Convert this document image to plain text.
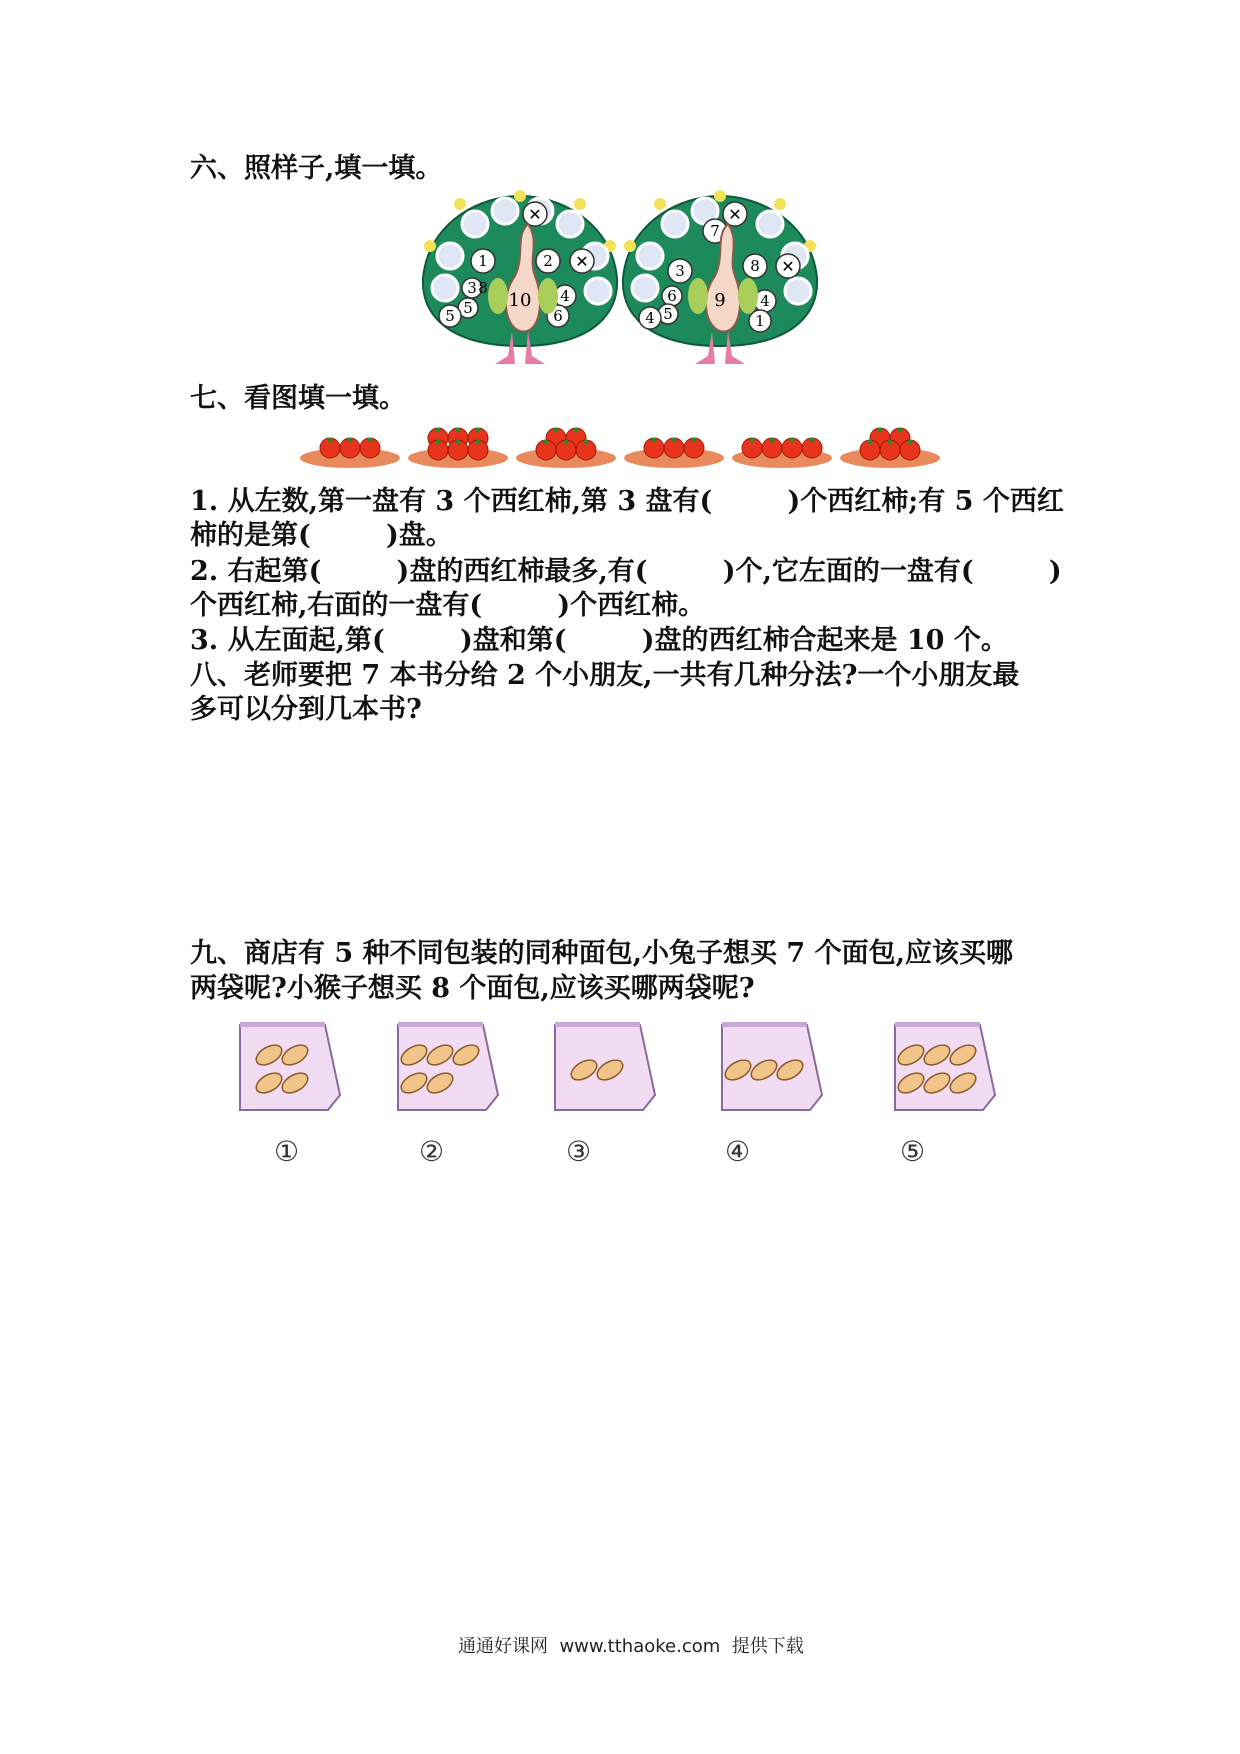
六、照样子,填一填。
✕
✕
10
1	2
8
3
5
5
4
6
✕
✕
9
7
8
3
6
5
4
4
1
七、看图填一填。
1. 从左数,第一盘有 3 个西红柿,第 3 盘有(        )个西红柿;有 5 个西红
柿的是第(        )盘。
2. 右起第(        )盘的西红柿最多,有(        )个,它左面的一盘有(        )
个西红柿,右面的一盘有(        )个西红柿。
3. 从左面起,第(        )盘和第(        )盘的西红柿合起来是 10 个。
八、老师要把 7 本书分给 2 个小朋友,一共有几种分法?一个小朋友最
多可以分到几本书?
九、商店有 5 种不同包装的同种面包,小兔子想买 7 个面包,应该买哪
两袋呢?小猴子想买 8 个面包,应该买哪两袋呢?
①	②	③	④	⑤
通通好课网  www.tthaoke.com  提供下载
